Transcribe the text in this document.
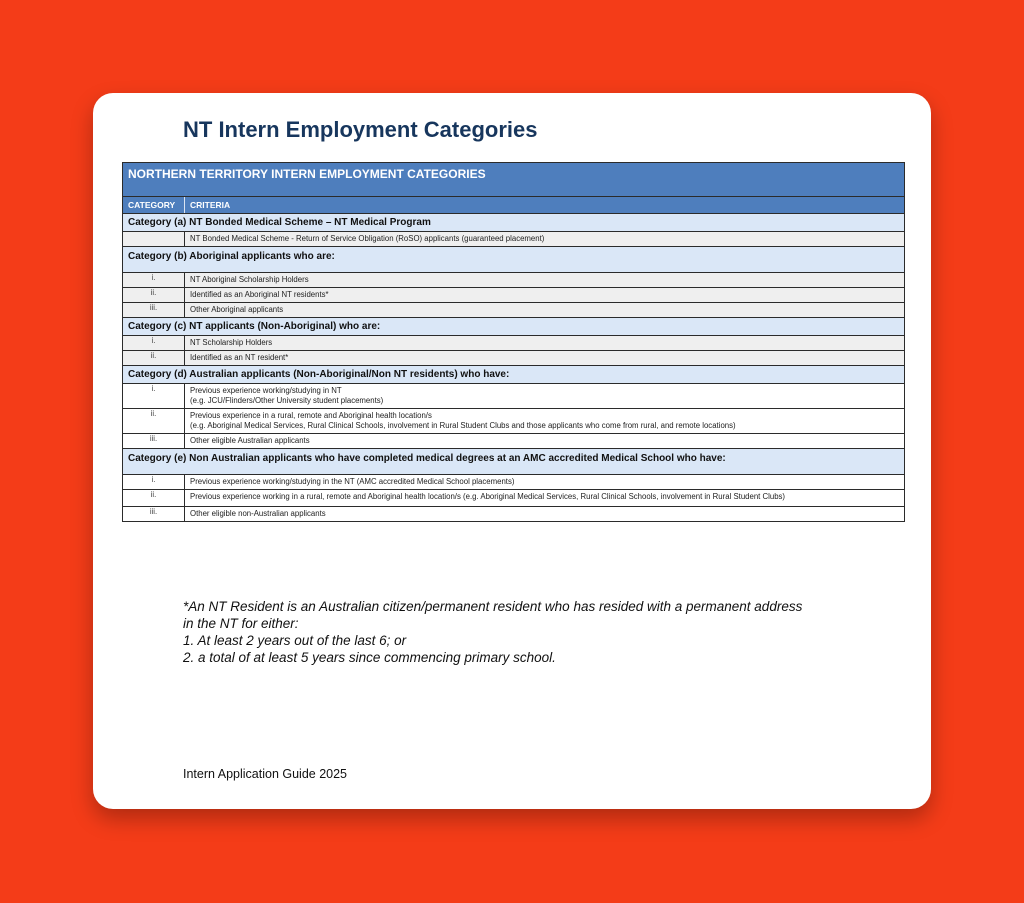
NT Intern Employment Categories
NORTHERN TERRITORY INTERN EMPLOYMENT CATEGORIES
CATEGORY	CRITERIA
Category (a) NT Bonded Medical Scheme – NT Medical Program
NT Bonded Medical Scheme - Return of Service Obligation (RoSO) applicants (guaranteed placement)
Category (b) Aboriginal applicants who are:
i.	NT Aboriginal Scholarship Holders
ii.	Identified as an Aboriginal NT residents*
iii.	Other Aboriginal applicants
Category (c) NT applicants (Non-Aboriginal) who are:
i.	NT Scholarship Holders
ii.	Identified as an NT resident*
Category (d) Australian applicants (Non-Aboriginal/Non NT residents) who have:
i.	Previous experience working/studying in NT
(e.g. JCU/Flinders/Other University student placements)
ii.	Previous experience in a rural, remote and Aboriginal health location/s
(e.g. Aboriginal Medical Services, Rural Clinical Schools, involvement in Rural Student Clubs and those applicants who come from rural, and remote locations)
iii.	Other eligible Australian applicants
Category (e) Non Australian applicants who have completed medical degrees at an AMC accredited Medical School who have:
i.	Previous experience working/studying in the NT (AMC accredited Medical School placements)
ii.	Previous experience working in a rural, remote and Aboriginal health location/s (e.g. Aboriginal Medical Services, Rural Clinical Schools, involvement in Rural Student Clubs)
iii.	Other eligible non-Australian applicants
*An NT Resident is an Australian citizen/permanent resident who has resided with a permanent address
in the NT for either:
1. At least 2 years out of the last 6; or
2. a total of at least 5 years since commencing primary school.
Intern Application Guide 2025
